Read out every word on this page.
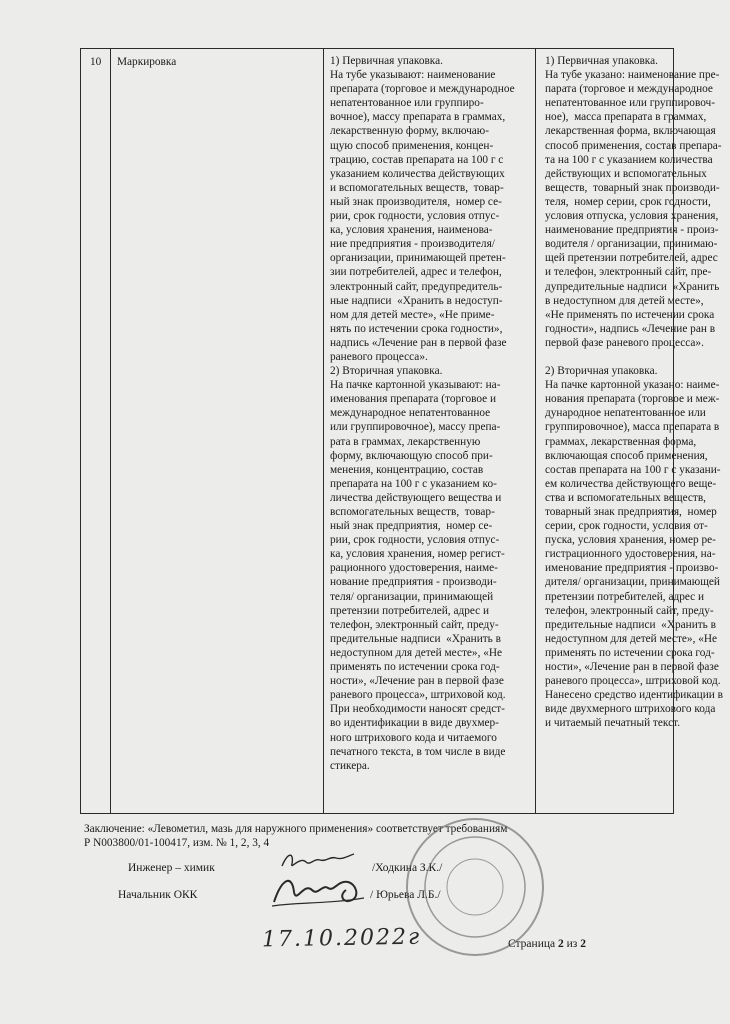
10 Маркировка	1) Первичная упаковка.
На тубе указывают: наименование
препарата (торговое и международное
непатентованное или группиро-
вочное), массу препарата в граммах,
лекарственную форму, включаю-
щую способ применения, концен-
трацию, состав препарата на 100 г с
указанием количества действующих
и вспомогательных веществ,  товар-
ный знак производителя,  номер се-
рии, срок годности, условия отпус-
ка, условия хранения, наименова-
ние предприятия - производителя/
организации, принимающей претен-
зии потребителей, адрес и телефон,
электронный сайт, предупредитель-
ные надписи  «Хранить в недоступ-
ном для детей месте», «Не приме-
нять по истечении срока годности»,
надпись «Лечение ран в первой фазе
раневого процесса».
2) Вторичная упаковка.
На пачке картонной указывают: на-
именования препарата (торговое и
международное непатентованное
или группировочное), массу препа-
рата в граммах, лекарственную
форму, включающую способ при-
менения, концентрацию, состав
препарата на 100 г с указанием ко-
личества действующего вещества и
вспомогательных веществ,  товар-
ный знак предприятия,  номер се-
рии, срок годности, условия отпус-
ка, условия хранения, номер регист-
рационного удостоверения, наиме-
нование предприятия - производи-
теля/ организации, принимающей
претензии потребителей, адрес и
телефон, электронный сайт, преду-
предительные надписи  «Хранить в
недоступном для детей месте», «Не
применять по истечении срока год-
ности», «Лечение ран в первой фазе
раневого процесса», штриховой код.
При необходимости наносят средст-
во идентификации в виде двухмер-
ного штрихового кода и читаемого
печатного текста, в том числе в виде
стикера.
1) Первичная упаковка.
На тубе указано: наименование пре-
парата (торговое и международное
непатентованное или группировоч-
ное),  масса препарата в граммах,
лекарственная форма, включающая
способ применения, состав препара-
та на 100 г с указанием количества
действующих и вспомогательных
веществ,  товарный знак производи-
теля,  номер серии, срок годности,
условия отпуска, условия хранения,
наименование предприятия - произ-
водителя / организации, принимаю-
щей претензии потребителей, адрес
и телефон, электронный сайт, пре-
дупредительные надписи  «Хранить
в недоступном для детей месте»,
«Не применять по истечении срока
годности», надпись «Лечение ран в
первой фазе раневого процесса».

2) Вторичная упаковка.
На пачке картонной указано: наиме-
нования препарата (торговое и меж-
дународное непатентованное или
группировочное), масса препарата в
граммах, лекарственная форма,
включающая способ применения,
состав препарата на 100 г с указани-
ем количества действующего веще-
ства и вспомогательных веществ,
товарный знак предприятия,  номер
серии, срок годности, условия от-
пуска, условия хранения, номер ре-
гистрационного удостоверения, на-
именование предприятия - произво-
дителя/ организации, принимающей
претензии потребителей, адрес и
телефон, электронный сайт, преду-
предительные надписи  «Хранить в
недоступном для детей месте», «Не
применять по истечении срока год-
ности», «Лечение ран в первой фазе
раневого процесса», штриховой код.
Нанесено средство идентификации в
виде двухмерного штрихового кода
и читаемый печатный текст.
Заключение: «Левометил, мазь для наружного применения» соответствует требованиям
Р N003800/01-100417, изм. № 1, 2, 3, 4
Инженер – химик
Начальник ОКК
/Ходкина З.К./
/ Юрьева Л.Б./
17.10.2022г	Страница 2 из 2
